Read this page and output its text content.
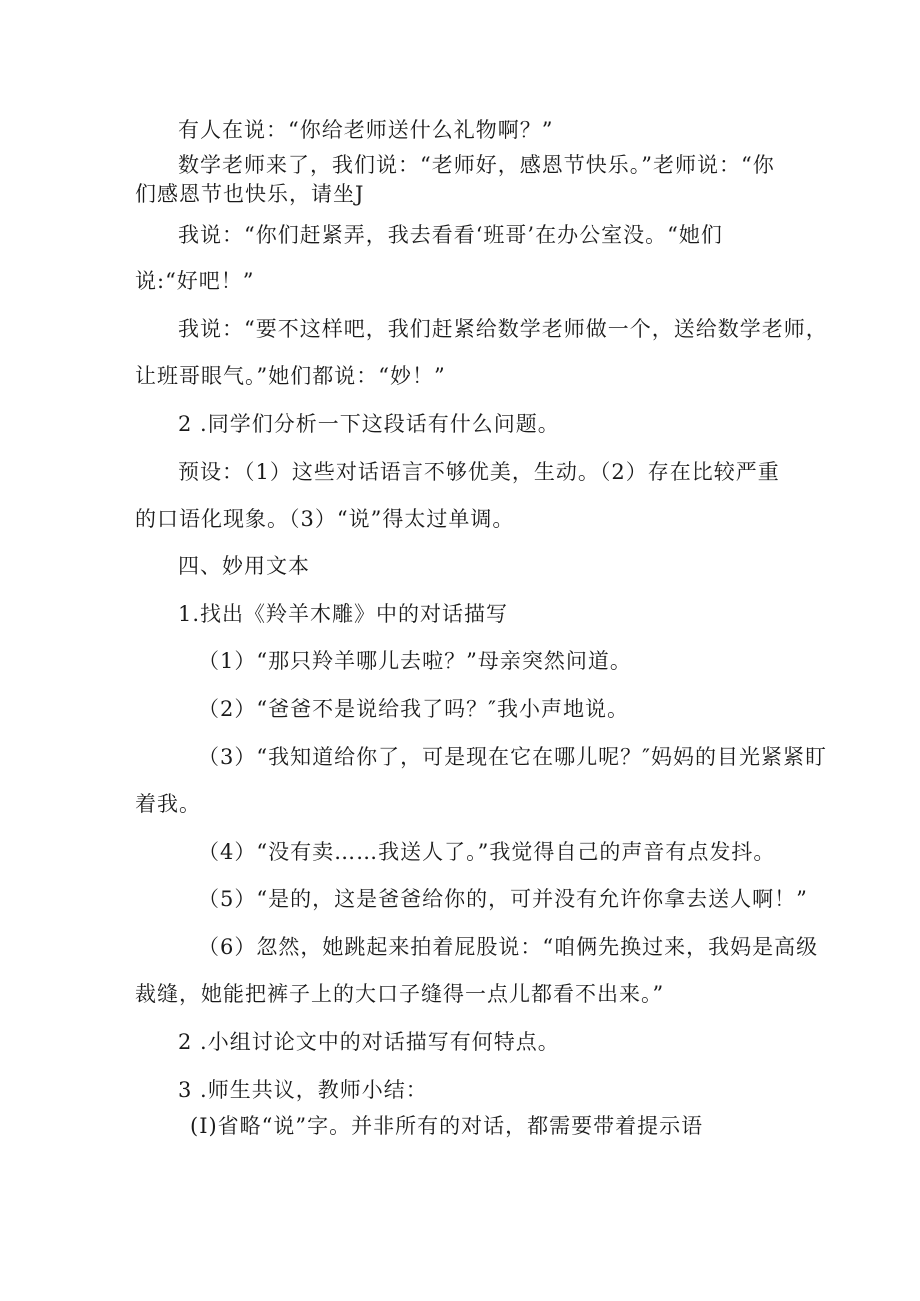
有人在说：“你给老师送什么礼物啊？”
数学老师来了，我们说：“老师好，感恩节快乐。”老师说：“你
们感恩节也快乐，请坐J
我说：“你们赶紧弄，我去看看‘班哥’在办公室没。“她们
说:“好吧！”
我说：“要不这样吧，我们赶紧给数学老师做一个，送给数学老师，
让班哥眼气。”她们都说：“妙！”
2 .同学们分析一下这段话有什么问题。
预设：（1）这些对话语言不够优美，生动。（2）存在比较严重
的口语化现象。（3）“说”得太过单调。
四、妙用文本
1.找出《羚羊木雕》中的对话描写
（1）“那只羚羊哪儿去啦？”母亲突然问道。
（2）“爸爸不是说给我了吗？″我小声地说。
（3）“我知道给你了，可是现在它在哪儿呢？″妈妈的目光紧紧盯
着我。
（4）“没有卖……我送人了。”我觉得自己的声音有点发抖。
（5）“是的，这是爸爸给你的，可并没有允许你拿去送人啊！”
（6）忽然，她跳起来拍着屁股说：“咱俩先换过来，我妈是高级
裁缝，她能把裤子上的大口子缝得一点儿都看不出来。”
2 .小组讨论文中的对话描写有何特点。
3 .师生共议，教师小结：
(I)省略“说”字。并非所有的对话，都需要带着提示语
